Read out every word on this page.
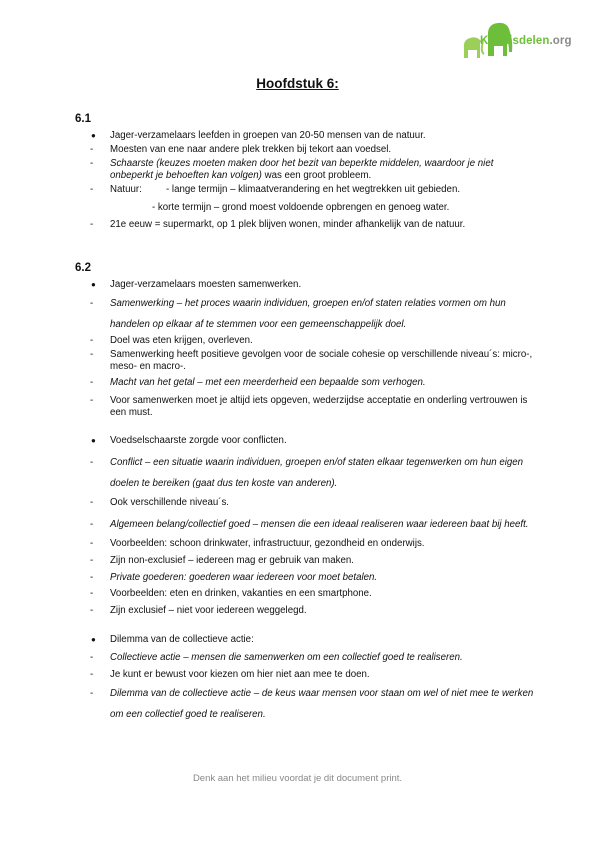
Kennisdelen.org
Hoofdstuk 6:
6.1
● Jager-verzamelaars leefden in groepen van 20-50 mensen van de natuur.
- Moesten van ene naar andere plek trekken bij tekort aan voedsel.
- Schaarste (keuzes moeten maken door het bezit van beperkte middelen, waardoor je niet onbeperkt je behoeften kan volgen) was een groot probleem.
- Natuur: - lange termijn – klimaatverandering en het wegtrekken uit gebieden.
- korte termijn – grond moest voldoende opbrengen en genoeg water.
- 21e eeuw = supermarkt, op 1 plek blijven wonen, minder afhankelijk van de natuur.
6.2
● Jager-verzamelaars moesten samenwerken.
- Samenwerking – het proces waarin individuen, groepen en/of staten relaties vormen om hun handelen op elkaar af te stemmen voor een gemeenschappelijk doel.
- Doel was eten krijgen, overleven.
- Samenwerking heeft positieve gevolgen voor de sociale cohesie op verschillende niveau´s: micro-, meso- en macro-.
- Macht van het getal – met een meerderheid een bepaalde som verhogen.
- Voor samenwerken moet je altijd iets opgeven, wederzijdse acceptatie en onderling vertrouwen is een must.
● Voedselschaarste zorgde voor conflicten.
- Conflict – een situatie waarin individuen, groepen en/of staten elkaar tegenwerken om hun eigen doelen te bereiken (gaat dus ten koste van anderen).
- Ook verschillende niveau´s.
- Algemeen belang/collectief goed – mensen die een ideaal realiseren waar iedereen baat bij heeft.
- Voorbeelden: schoon drinkwater, infrastructuur, gezondheid en onderwijs.
- Zijn non-exclusief – iedereen mag er gebruik van maken.
- Private goederen: goederen waar iedereen voor moet betalen.
- Voorbeelden: eten en drinken, vakanties en een smartphone.
- Zijn exclusief – niet voor iedereen weggelegd.
● Dilemma van de collectieve actie:
- Collectieve actie – mensen die samenwerken om een collectief goed te realiseren.
- Je kunt er bewust voor kiezen om hier niet aan mee te doen.
- Dilemma van de collectieve actie – de keus waar mensen voor staan om wel of niet mee te werken om een collectief goed te realiseren.
Denk aan het milieu voordat je dit document print.
